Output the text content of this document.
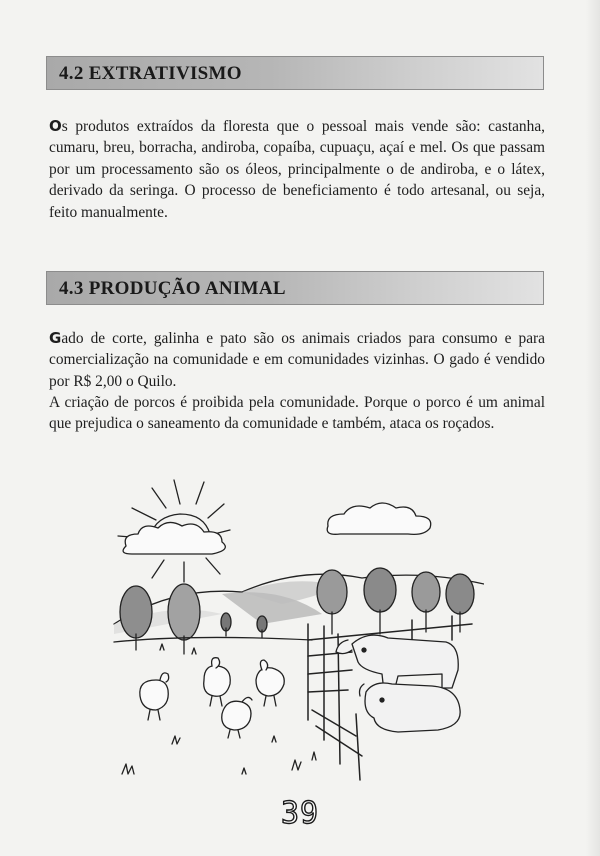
4.2 EXTRATIVISMO

Os produtos extraídos da floresta que o pessoal mais vende são: castanha, cumaru, breu, borracha, andiroba, copaíba, cupuaçu, açaí e mel. Os que passam por um processamento são os óleos, principalmente o de andiroba, e o látex, derivado da seringa. O processo de beneficiamento é todo artesanal, ou seja, feito manualmente.

4.3 PRODUÇÃO ANIMAL

Gado de corte, galinha e pato são os animais criados para consumo e para comercialização na comunidade e em comunidades vizinhas. O gado é vendido por R$ 2,00 o Quilo.

A criação de porcos é proibida pela comunidade. Porque o porco é um animal que prejudica o saneamento da comunidade e também, ataca os roçados.

39
